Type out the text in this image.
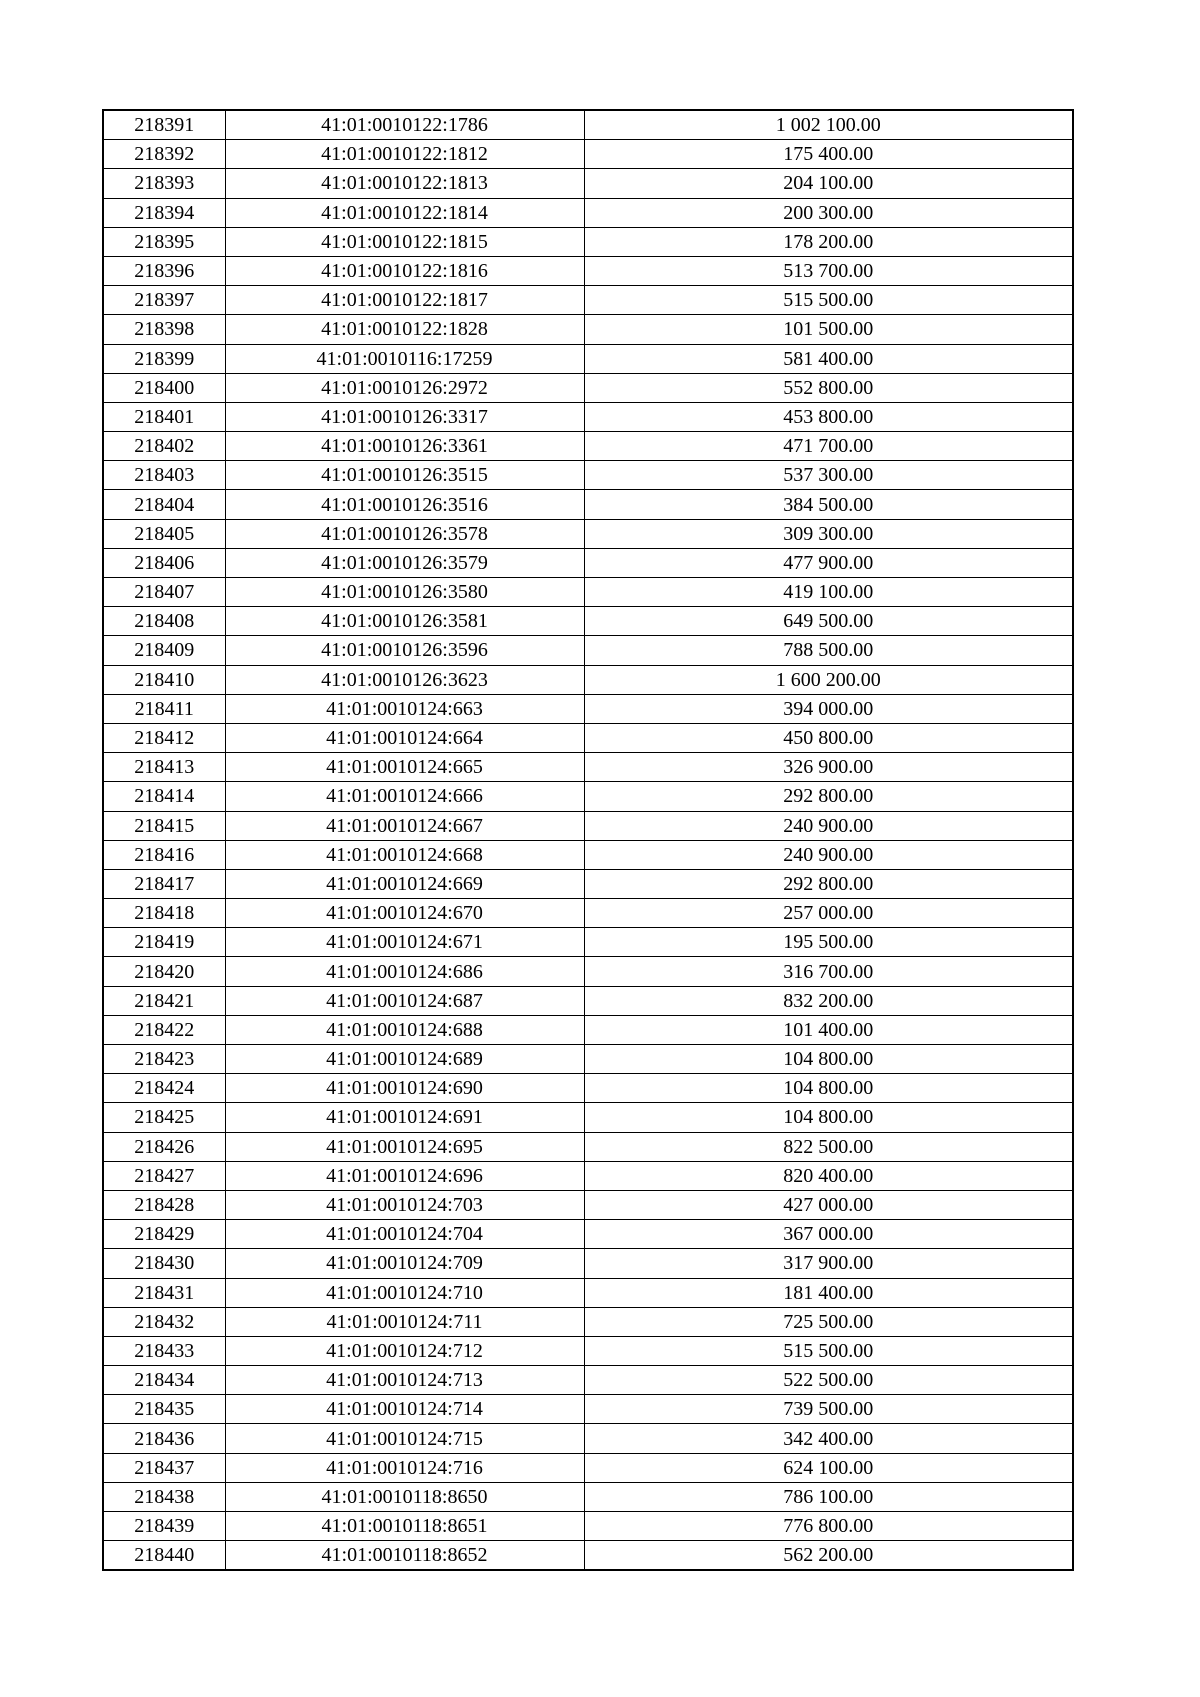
218391	41:01:0010122:1786	1 002 100.00
218392	41:01:0010122:1812	175 400.00
218393	41:01:0010122:1813	204 100.00
218394	41:01:0010122:1814	200 300.00
218395	41:01:0010122:1815	178 200.00
218396	41:01:0010122:1816	513 700.00
218397	41:01:0010122:1817	515 500.00
218398	41:01:0010122:1828	101 500.00
218399	41:01:0010116:17259	581 400.00
218400	41:01:0010126:2972	552 800.00
218401	41:01:0010126:3317	453 800.00
218402	41:01:0010126:3361	471 700.00
218403	41:01:0010126:3515	537 300.00
218404	41:01:0010126:3516	384 500.00
218405	41:01:0010126:3578	309 300.00
218406	41:01:0010126:3579	477 900.00
218407	41:01:0010126:3580	419 100.00
218408	41:01:0010126:3581	649 500.00
218409	41:01:0010126:3596	788 500.00
218410	41:01:0010126:3623	1 600 200.00
218411	41:01:0010124:663	394 000.00
218412	41:01:0010124:664	450 800.00
218413	41:01:0010124:665	326 900.00
218414	41:01:0010124:666	292 800.00
218415	41:01:0010124:667	240 900.00
218416	41:01:0010124:668	240 900.00
218417	41:01:0010124:669	292 800.00
218418	41:01:0010124:670	257 000.00
218419	41:01:0010124:671	195 500.00
218420	41:01:0010124:686	316 700.00
218421	41:01:0010124:687	832 200.00
218422	41:01:0010124:688	101 400.00
218423	41:01:0010124:689	104 800.00
218424	41:01:0010124:690	104 800.00
218425	41:01:0010124:691	104 800.00
218426	41:01:0010124:695	822 500.00
218427	41:01:0010124:696	820 400.00
218428	41:01:0010124:703	427 000.00
218429	41:01:0010124:704	367 000.00
218430	41:01:0010124:709	317 900.00
218431	41:01:0010124:710	181 400.00
218432	41:01:0010124:711	725 500.00
218433	41:01:0010124:712	515 500.00
218434	41:01:0010124:713	522 500.00
218435	41:01:0010124:714	739 500.00
218436	41:01:0010124:715	342 400.00
218437	41:01:0010124:716	624 100.00
218438	41:01:0010118:8650	786 100.00
218439	41:01:0010118:8651	776 800.00
218440	41:01:0010118:8652	562 200.00
